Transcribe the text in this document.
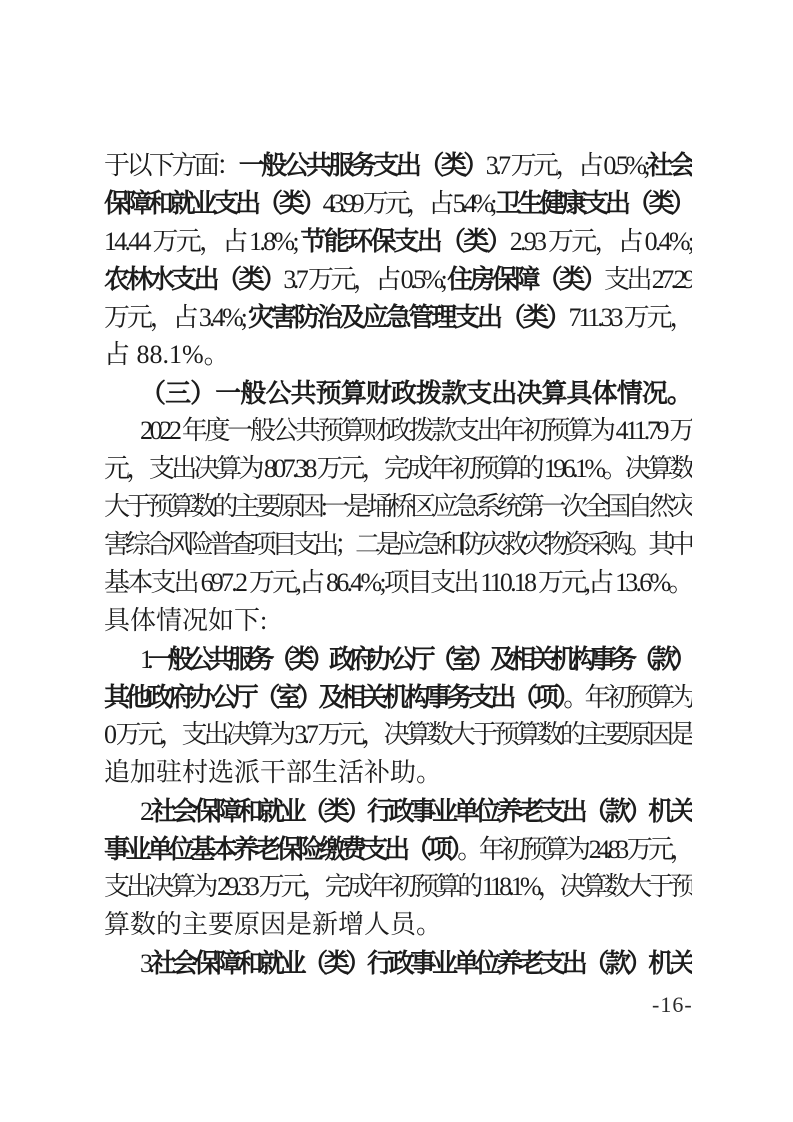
于以下方面：一般公共服务支出（类）3.7 万元，占 0.5%;社会
保障和就业支出（类）43.99 万元，占 5.4%; 卫生健康支出（类）
14.44 万元，占 1.8%; 节能环保支出（类）2.93 万元，占 0.4%;
农林水支出（类）3.7 万元，占 0.5%; 住房保障（类）支出 27.29
万元，占 3.4%; 灾害防治及应急管理支出（类）711.33 万元，
占 88.1%。
（三）一般公共预算财政拨款支出决算具体情况。
2022 年度一般公共预算财政拨款支出年初预算为 411.79 万
元，支出决算为 807.38 万元，完成年初预算的 196.1%。决算数
大于预算数的主要原因:一是埇桥区应急系统第一次全国自然灾
害综合风险普查项目支出；二是应急和防灾救灾物资采购。其中:
基本支出 697.2 万元,占 86.4%;项目支出 110.18 万元,占 13.6%。
具体情况如下:
1.一般公共服务（类）政府办公厅（室）及相关机构事务（款）
其他政府办公厅（室）及相关机构事务支出（项）。年初预算为
0 万元，支出决算为 3.7 万元，决算数大于预算数的主要原因是
追加驻村选派干部生活补助。
2.社会保障和就业（类）行政事业单位养老支出（款）机关
事业单位基本养老保险缴费支出（项）。年初预算为 24.83 万元，
支出决算为 29.33 万元，完成年初预算的 118.1%，决算数大于预
算数的主要原因是新增人员。
3.社会保障和就业（类）行政事业单位养老支出（款）机关
-16-
